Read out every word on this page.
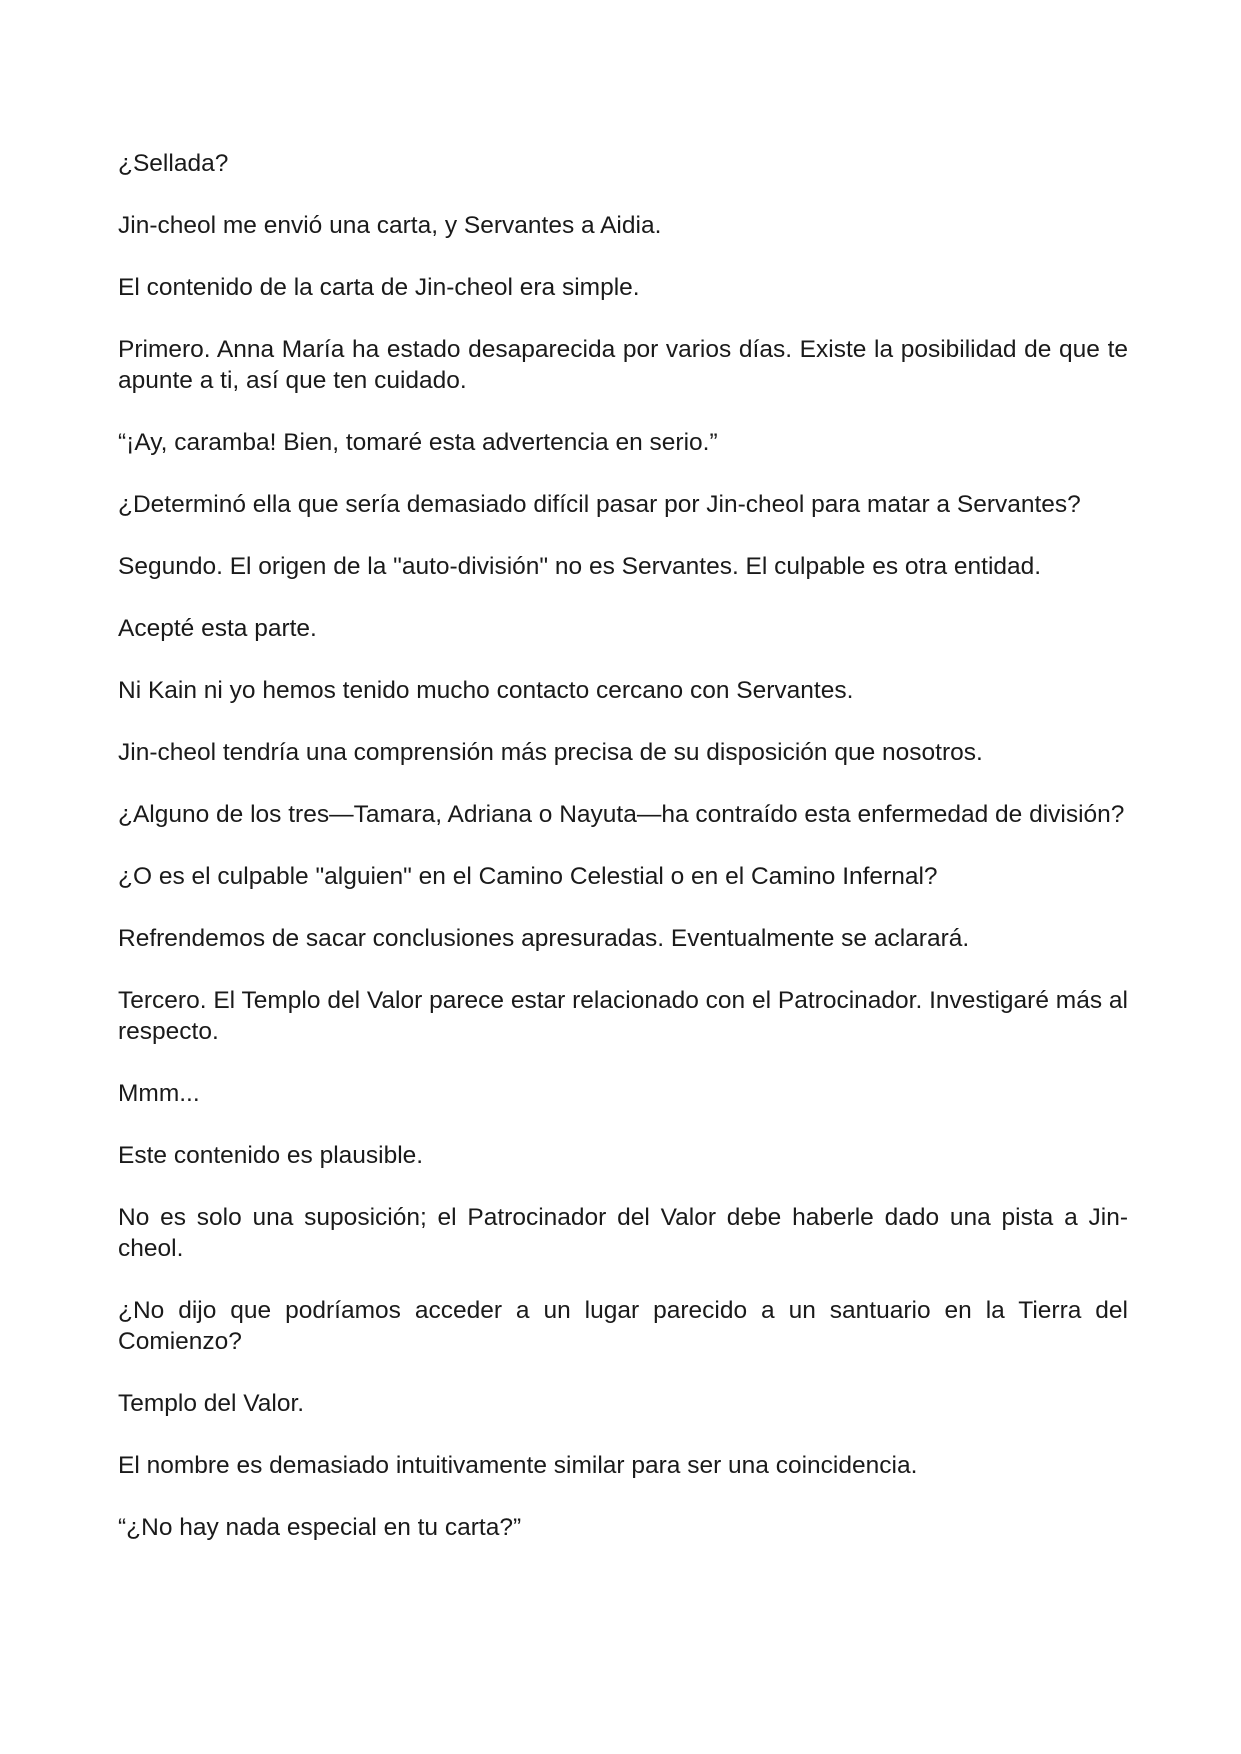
¿Sellada?

Jin-cheol me envió una carta, y Servantes a Aidia.

El contenido de la carta de Jin-cheol era simple.

Primero. Anna María ha estado desaparecida por varios días. Existe la posibilidad de que te apunte a ti, así que ten cuidado.

“¡Ay, caramba! Bien, tomaré esta advertencia en serio.”

¿Determinó ella que sería demasiado difícil pasar por Jin-cheol para matar a Servantes?

Segundo. El origen de la "auto-división" no es Servantes. El culpable es otra entidad.

Acepté esta parte.

Ni Kain ni yo hemos tenido mucho contacto cercano con Servantes.

Jin-cheol tendría una comprensión más precisa de su disposición que nosotros.

¿Alguno de los tres—Tamara, Adriana o Nayuta—ha contraído esta enfermedad de división?

¿O es el culpable "alguien" en el Camino Celestial o en el Camino Infernal?

Refrendemos de sacar conclusiones apresuradas. Eventualmente se aclarará.

Tercero. El Templo del Valor parece estar relacionado con el Patrocinador. Investigaré más al respecto.

Mmm...

Este contenido es plausible.

No es solo una suposición; el Patrocinador del Valor debe haberle dado una pista a Jin-cheol.

¿No dijo que podríamos acceder a un lugar parecido a un santuario en la Tierra del Comienzo?

Templo del Valor.

El nombre es demasiado intuitivamente similar para ser una coincidencia.

“¿No hay nada especial en tu carta?”
